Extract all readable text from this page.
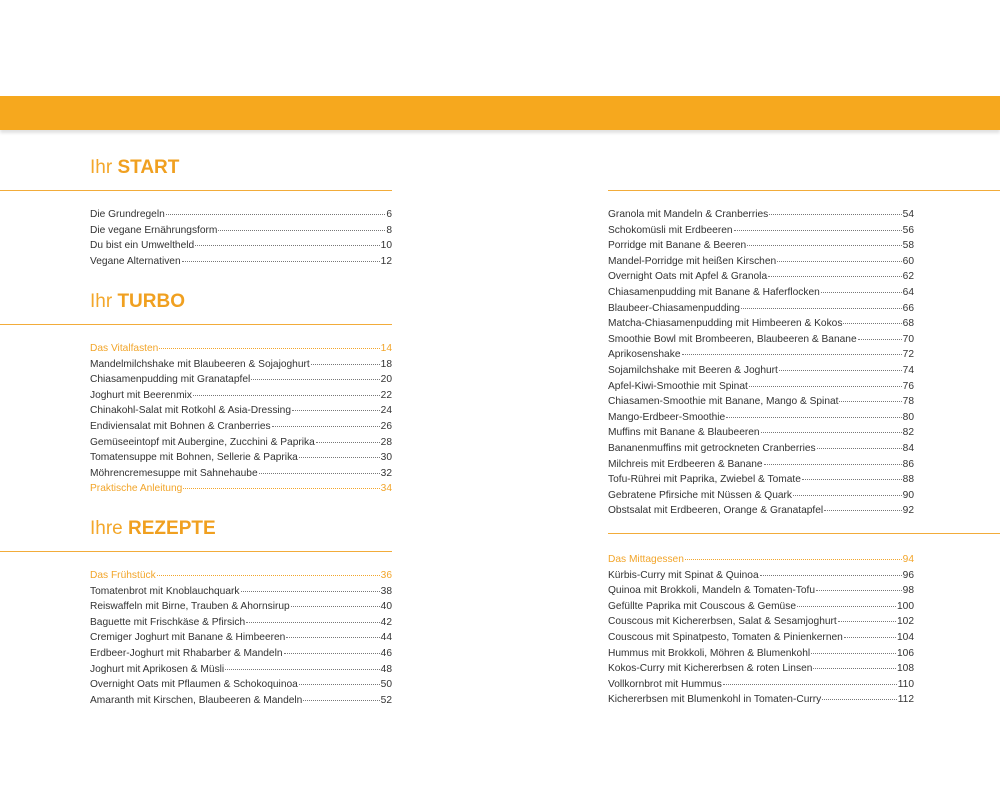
Ihr START
Die Grundregeln	6
Die vegane Ernährungsform	8
Du bist ein Umweltheld	10
Vegane Alternativen	12
Ihr TURBO
Das Vitalfasten	14
Mandelmilchshake mit Blaubeeren & Sojajoghurt	18
Chiasamenpudding mit Granatapfel	20
Joghurt mit Beerenmix	22
Chinakohl-Salat mit Rotkohl & Asia-Dressing	24
Endiviensalat mit Bohnen & Cranberries	26
Gemüseeintopf mit Aubergine, Zucchini & Paprika	28
Tomatensuppe mit Bohnen, Sellerie & Paprika	30
Möhrencremesuppe mit Sahnehaube	32
Praktische Anleitung	34
Ihre REZEPTE
Das Frühstück	36
Tomatenbrot mit Knoblauchquark	38
Reiswaffeln mit Birne, Trauben & Ahornsirup	40
Baguette mit Frischkäse & Pfirsich	42
Cremiger Joghurt mit Banane & Himbeeren	44
Erdbeer-Joghurt mit Rhabarber & Mandeln	46
Joghurt mit Aprikosen & Müsli	48
Overnight Oats mit Pflaumen & Schokoquinoa	50
Amaranth mit Kirschen, Blaubeeren & Mandeln	52
Granola mit Mandeln & Cranberries	54
Schokomüsli mit Erdbeeren	56
Porridge mit Banane & Beeren	58
Mandel-Porridge mit heißen Kirschen	60
Overnight Oats mit Apfel & Granola	62
Chiasamenpudding mit Banane & Haferflocken	64
Blaubeer-Chiasamenpudding	66
Matcha-Chiasamenpudding mit Himbeeren & Kokos	68
Smoothie Bowl mit Brombeeren, Blaubeeren & Banane	70
Aprikosenshake	72
Sojamilchshake mit Beeren & Joghurt	74
Apfel-Kiwi-Smoothie mit Spinat	76
Chiasamen-Smoothie mit Banane, Mango & Spinat	78
Mango-Erdbeer-Smoothie	80
Muffins mit Banane & Blaubeeren	82
Bananenmuffins mit getrockneten Cranberries	84
Milchreis mit Erdbeeren & Banane	86
Tofu-Rührei mit Paprika, Zwiebel & Tomate	88
Gebratene Pfirsiche mit Nüssen & Quark	90
Obstsalat mit Erdbeeren, Orange & Granatapfel	92
Das Mittagessen	94
Kürbis-Curry mit Spinat & Quinoa	96
Quinoa mit Brokkoli, Mandeln & Tomaten-Tofu	98
Gefüllte Paprika mit Couscous & Gemüse	100
Couscous mit Kichererbsen, Salat & Sesamjoghurt	102
Couscous mit Spinatpesto, Tomaten & Pinienkernen	104
Hummus mit Brokkoli, Möhren & Blumenkohl	106
Kokos-Curry mit Kichererbsen & roten Linsen	108
Vollkornbrot mit Hummus	110
Kichererbsen mit Blumenkohl in Tomaten-Curry	112
